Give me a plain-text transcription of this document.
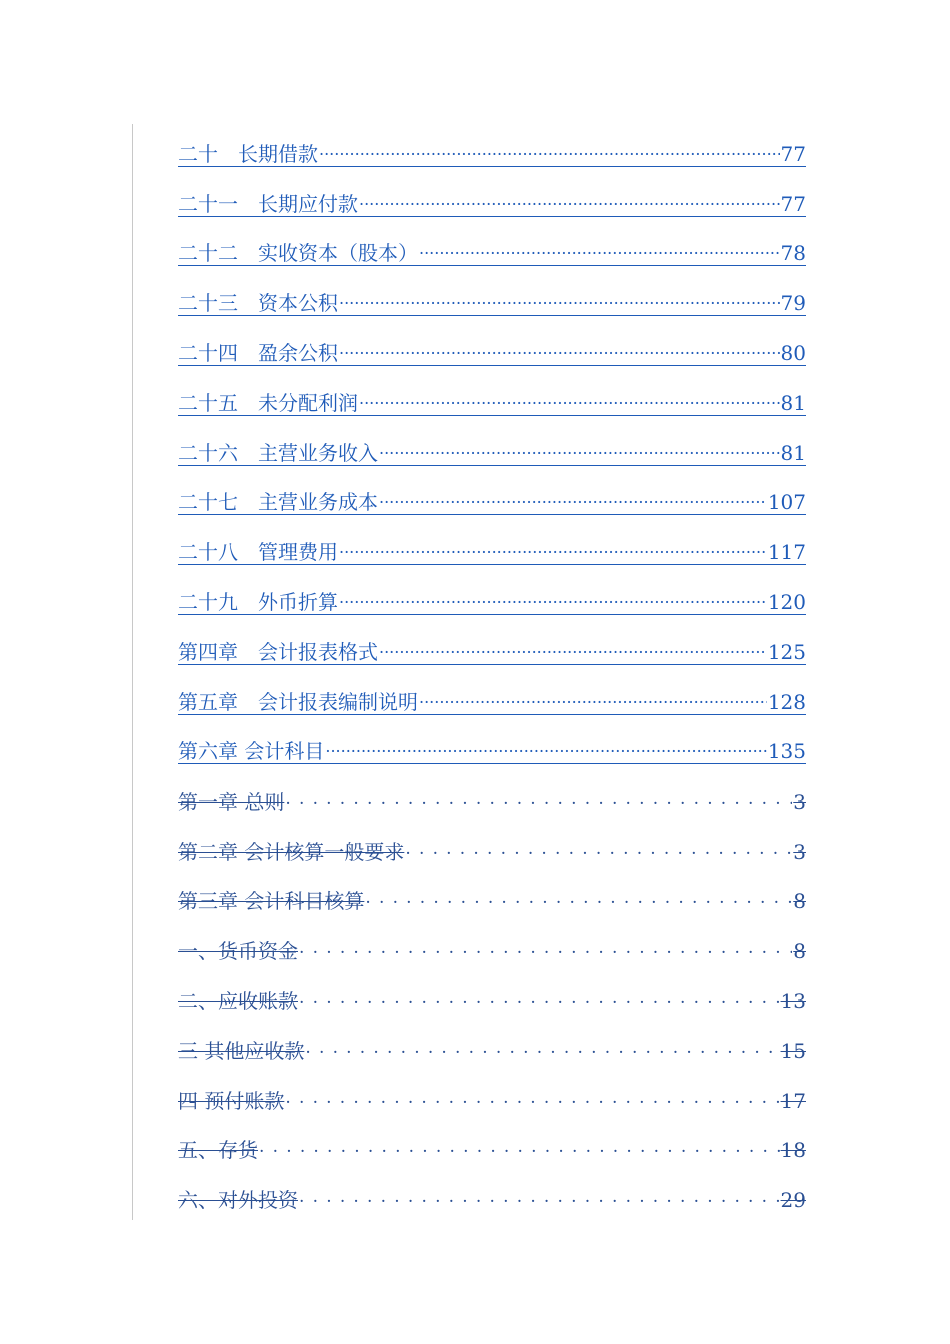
二十　长期借款 .....	77
二十一　长期应付款 .....	77
二十二　实收资本（股本） .....	78
二十三　资本公积 .....	79
二十四　盈余公积 .....	80
二十五　未分配利润 .....	81
二十六　主营业务收入 .....	81
二十七　主营业务成本 .....	107
二十八　管理费用 .....	117
二十九　外币折算 .....	120
第四章　会计报表格式 .....	125
第五章　会计报表编制说明 .....	128
第六章 会计科目 .....	135
第一章 总则 . . .	3
第二章 会计核算一般要求 . . .	3
第三章 会计科目核算 . . .	8
一、货币资金 . . .	8
二、应收账款 . . .	13
三 其他应收款 . . .	15
四 预付账款 . . .	17
五、存货 . . .	18
六、对外投资 . . .	29
